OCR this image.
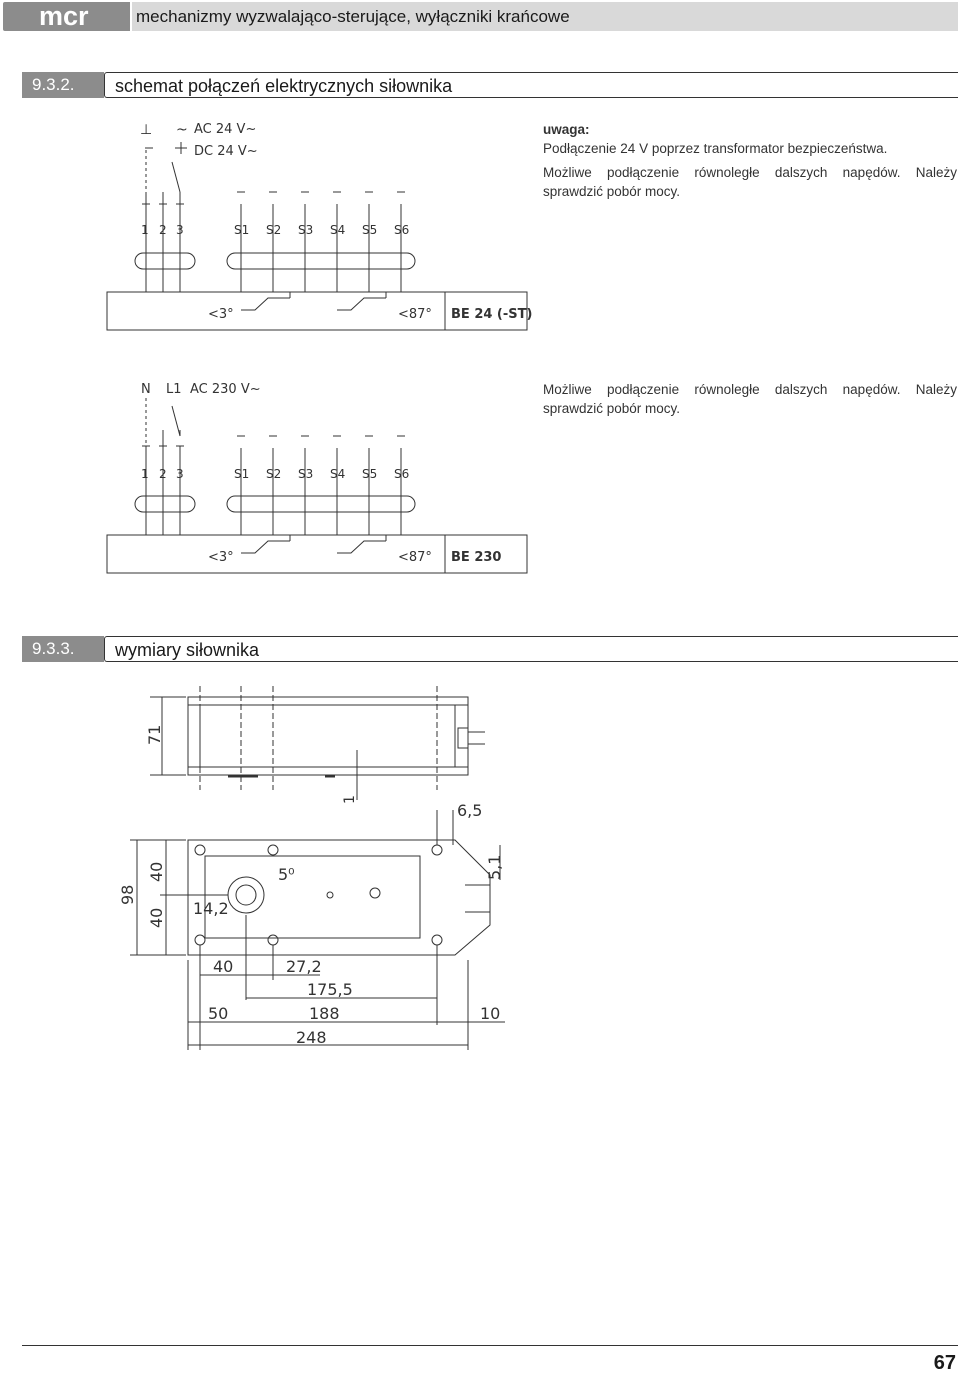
mcr	mechanizmy wyzwalająco-sterujące, wyłączniki krańcowe
9.3.2.	schemat połączeń elektrycznych siłownika

uwaga:

Podłączenie 24 V poprzez transformator bezpieczeństwa.

Możliwe podłączenie równoległe dalszych napędów. Należy sprawdzić pobór mocy.

Możliwe podłączenie równoległe dalszych napędów. Należy sprawdzić pobór mocy.

⊥ ~ AC 24 V~
DC 24 V~
1 2 3	S1 S2 S3 S4 S5 S6
<3°	<87° BE 24 (-ST)
N L1 AC 230 V~
1 2 3	S1 S2 S3 S4 S5 S6
<3°	<87° BE 230
9.3.3.	wymiary siłownika
71
1
6,5
98
40
40
5,1
5⁰
14,2
40	27,2
175,5
50	188	10
248
67
